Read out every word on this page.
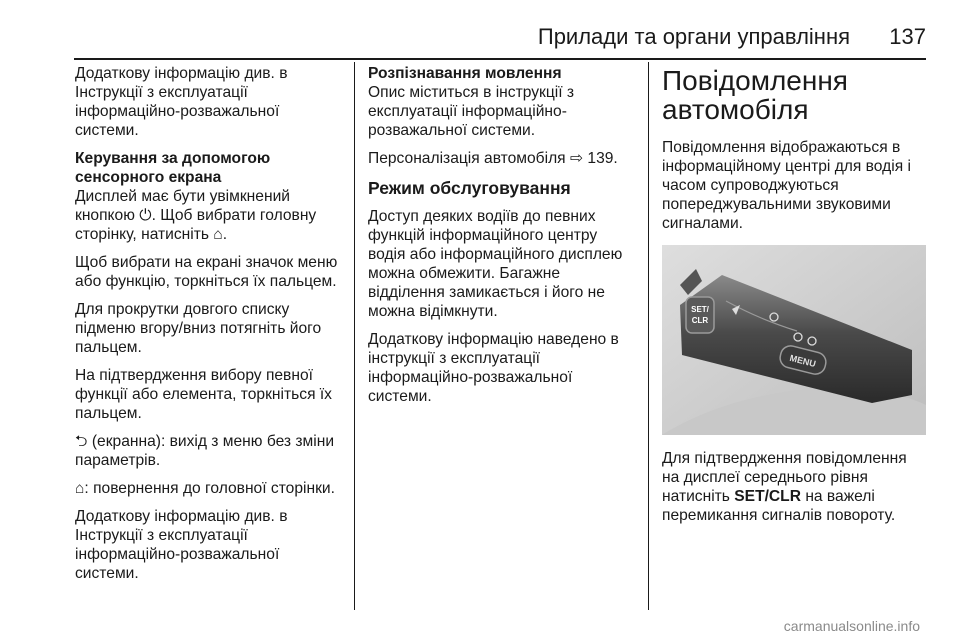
Прилади та органи управління 137

Додаткову інформацію див. в Інструкції з експлуатації інформаційно-розважальної системи.

Керування за допомогою сенсорного екрана

Дисплей має бути увімкнений кнопкою ⏻. Щоб вибрати головну сторінку, натисніть ⌂.

Щоб вибрати на екрані значок меню або функцію, торкніться їх пальцем.

Для прокрутки довгого списку підменю вгору/вниз потягніть його пальцем.

На підтвердження вибору певної функції або елемента, торкніться їх пальцем.

⮌ (екранна): вихід з меню без зміни параметрів.

⌂: повернення до головної сторінки.

Додаткову інформацію див. в Інструкції з експлуатації інформаційно-розважальної системи.

Розпізнавання мовлення

Опис міститься в інструкції з експлуатації інформаційно-розважальної системи.

Персоналізація автомобіля ⇨ 139.

Режим обслуговування

Доступ деяких водіїв до певних функцій інформаційного центру водія або інформаційного дисплею можна обмежити. Багажне відділення замикається і його не можна відімкнути.

Додаткову інформацію наведено в інструкції з експлуатації інформаційно-розважальної системи.

Повідомлення автомобіля

Повідомлення відображаються в інформаційному центрі для водія і часом супроводжуються попереджувальними звуковими сигналами.

SET/
CLR
MENU

Для підтвердження повідомлення на дисплеї середнього рівня натисніть SET/CLR на важелі перемикання сигналів повороту.

carmanualsonline.info
